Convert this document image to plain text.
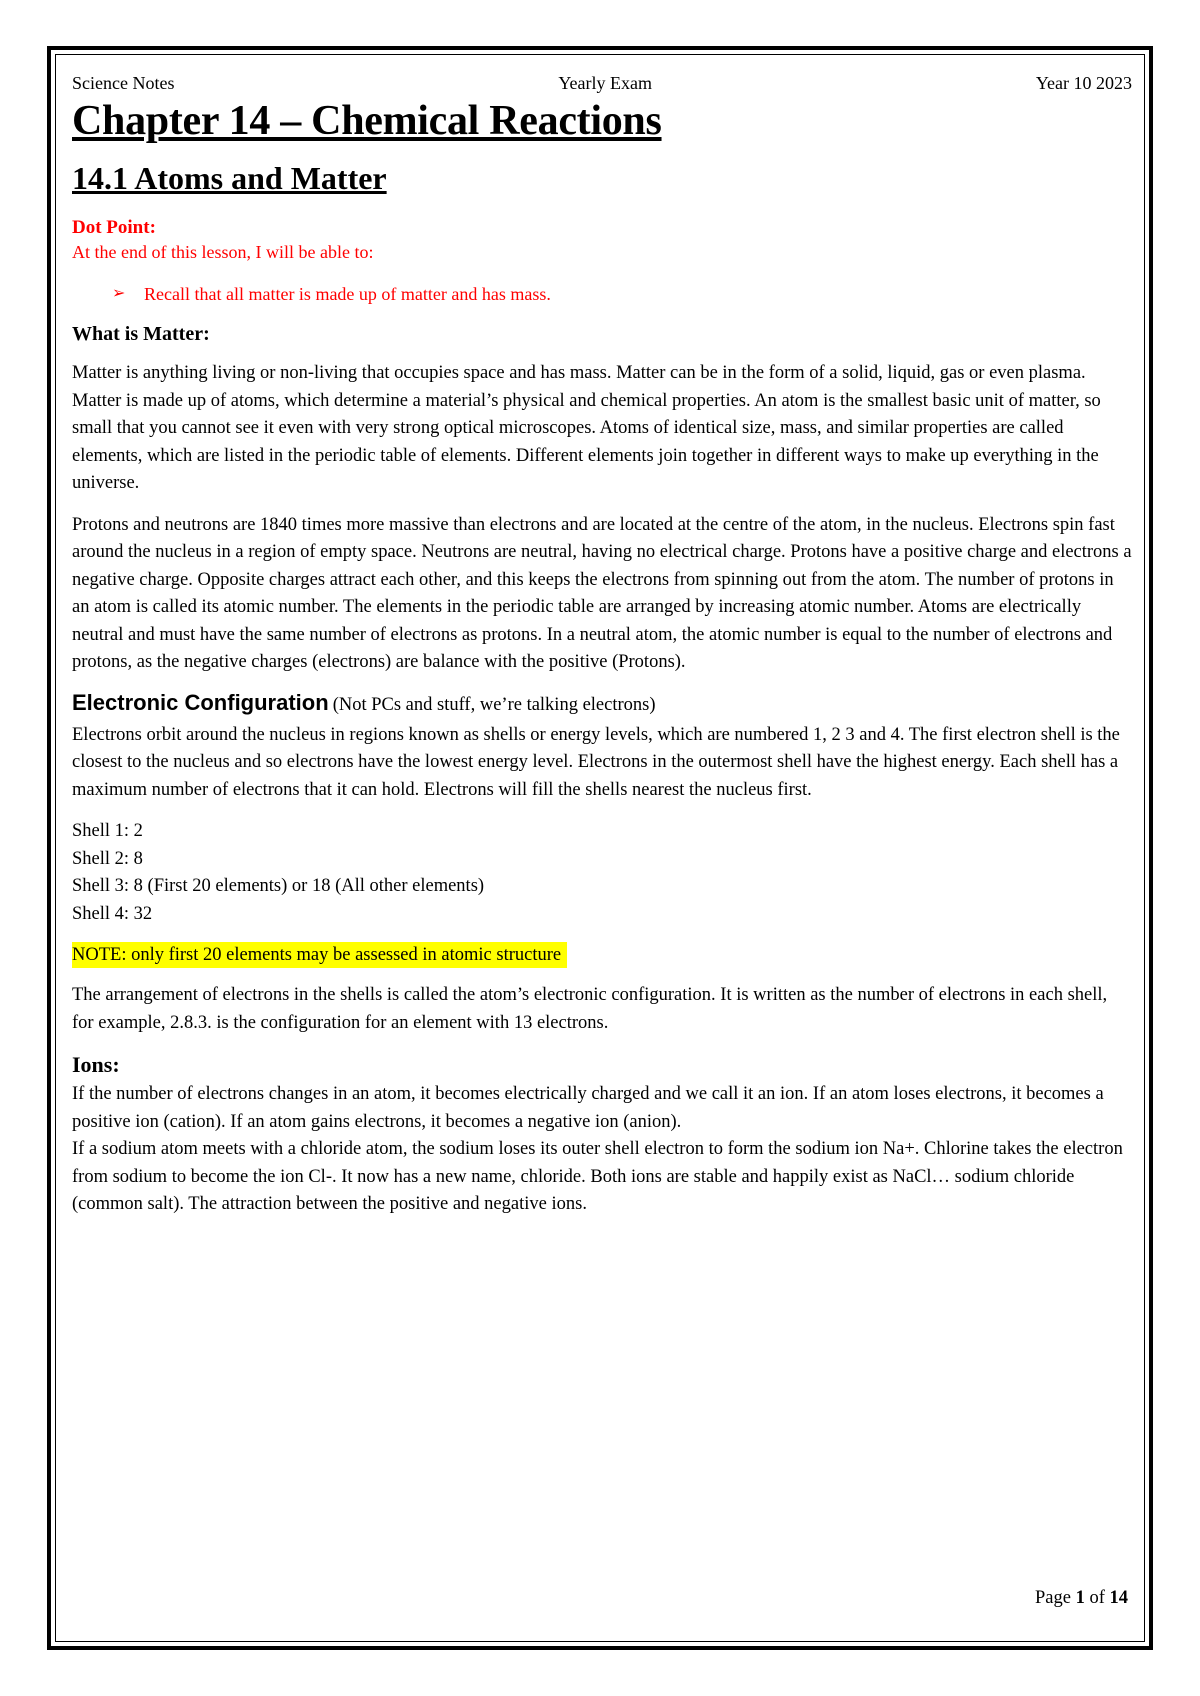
Science Notes	Yearly Exam	Year 10 2023
Chapter 14 – Chemical Reactions
14.1 Atoms and Matter
Dot Point:
At the end of this lesson, I will be able to:
➢ Recall that all matter is made up of matter and has mass.
What is Matter:

Matter is anything living or non-living that occupies space and has mass. Matter can be in the form of a solid, liquid, gas or even plasma. Matter is made up of atoms, which determine a material’s physical and chemical properties. An atom is the smallest basic unit of matter, so small that you cannot see it even with very strong optical microscopes. Atoms of identical size, mass, and similar properties are called elements, which are listed in the periodic table of elements. Different elements join together in different ways to make up everything in the universe.

Protons and neutrons are 1840 times more massive than electrons and are located at the centre of the atom, in the nucleus. Electrons spin fast around the nucleus in a region of empty space. Neutrons are neutral, having no electrical charge. Protons have a positive charge and electrons a negative charge. Opposite charges attract each other, and this keeps the electrons from spinning out from the atom. The number of protons in an atom is called its atomic number. The elements in the periodic table are arranged by increasing atomic number. Atoms are electrically neutral and must have the same number of electrons as protons. In a neutral atom, the atomic number is equal to the number of electrons and protons, as the negative charges (electrons) are balance with the positive (Protons).

Electronic Configuration (Not PCs and stuff, we’re talking electrons)

Electrons orbit around the nucleus in regions known as shells or energy levels, which are numbered 1, 2 3 and 4. The first electron shell is the closest to the nucleus and so electrons have the lowest energy level. Electrons in the outermost shell have the highest energy. Each shell has a maximum number of electrons that it can hold. Electrons will fill the shells nearest the nucleus first.

Shell 1: 2
Shell 2: 8
Shell 3: 8 (First 20 elements) or 18 (All other elements)
Shell 4: 32
NOTE: only first 20 elements may be assessed in atomic structure

The arrangement of electrons in the shells is called the atom’s electronic configuration. It is written as the number of electrons in each shell, for example, 2.8.3. is the configuration for an element with 13 electrons.

Ions:

If the number of electrons changes in an atom, it becomes electrically charged and we call it an ion. If an atom loses electrons, it becomes a positive ion (cation). If an atom gains electrons, it becomes a negative ion (anion).
If a sodium atom meets with a chloride atom, the sodium loses its outer shell electron to form the sodium ion Na+. Chlorine takes the electron from sodium to become the ion Cl-. It now has a new name, chloride. Both ions are stable and happily exist as NaCl… sodium chloride (common salt). The attraction between the positive and negative ions.

Page 1 of 14
